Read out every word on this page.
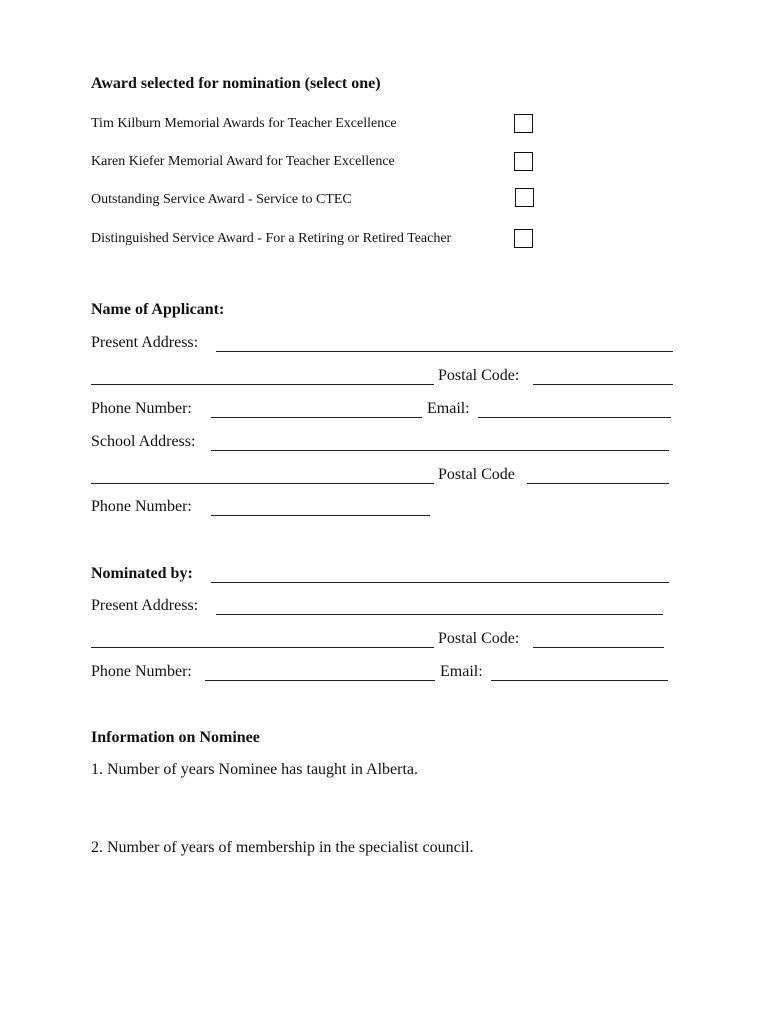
Award selected for nomination (select one)
Tim Kilburn Memorial Awards for Teacher Excellence
Karen Kiefer Memorial Award for Teacher Excellence
Outstanding Service Award - Service to CTEC
Distinguished Service Award - For a Retiring or Retired Teacher
Name of Applicant:
Present Address:
Postal Code:
Phone Number:	Email:
School Address:
Postal Code
Phone Number:
Nominated by:
Present Address:
Postal Code:
Phone Number:	Email:
Information on Nominee
1. Number of years Nominee has taught in Alberta.
2. Number of years of membership in the specialist council.
